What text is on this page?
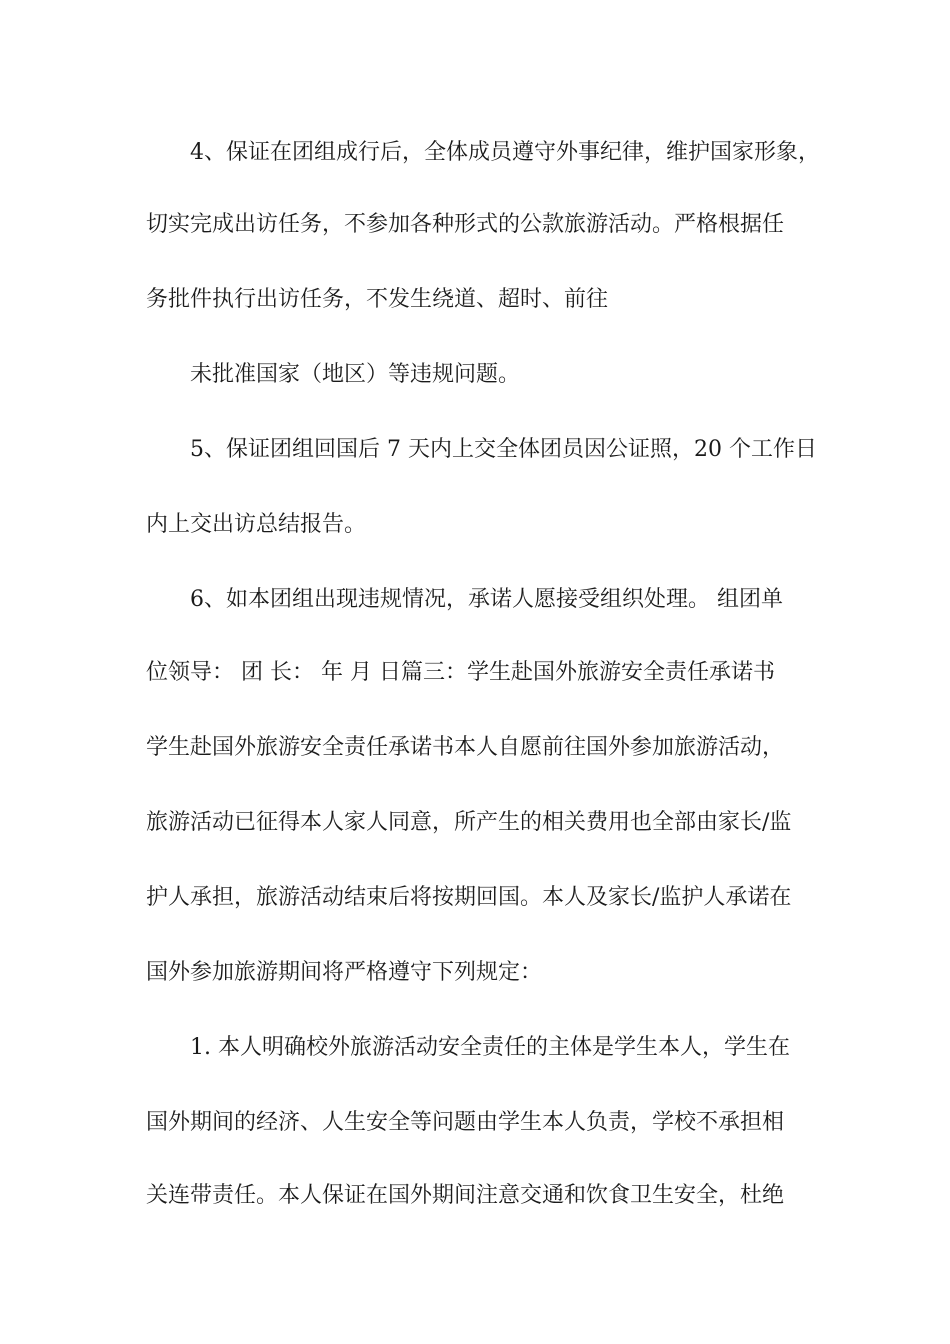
4、保证在团组成行后，全体成员遵守外事纪律，维护国家形象，
切实完成出访任务，不参加各种形式的公款旅游活动。严格根据任
务批件执行出访任务，不发生绕道、超时、前往
未批准国家（地区）等违规问题。
5、保证团组回国后 7 天内上交全体团员因公证照，20 个工作日
内上交出访总结报告。
6、如本团组出现违规情况，承诺人愿接受组织处理。 组团单
位领导： 团 长： 年 月 日篇三：学生赴国外旅游安全责任承诺书
学生赴国外旅游安全责任承诺书本人自愿前往国外参加旅游活动，
旅游活动已征得本人家人同意，所产生的相关费用也全部由家长/监
护人承担，旅游活动结束后将按期回国。本人及家长/监护人承诺在
国外参加旅游期间将严格遵守下列规定：
1. 本人明确校外旅游活动安全责任的主体是学生本人，学生在
国外期间的经济、人生安全等问题由学生本人负责，学校不承担相
关连带责任。本人保证在国外期间注意交通和饮食卫生安全，杜绝
